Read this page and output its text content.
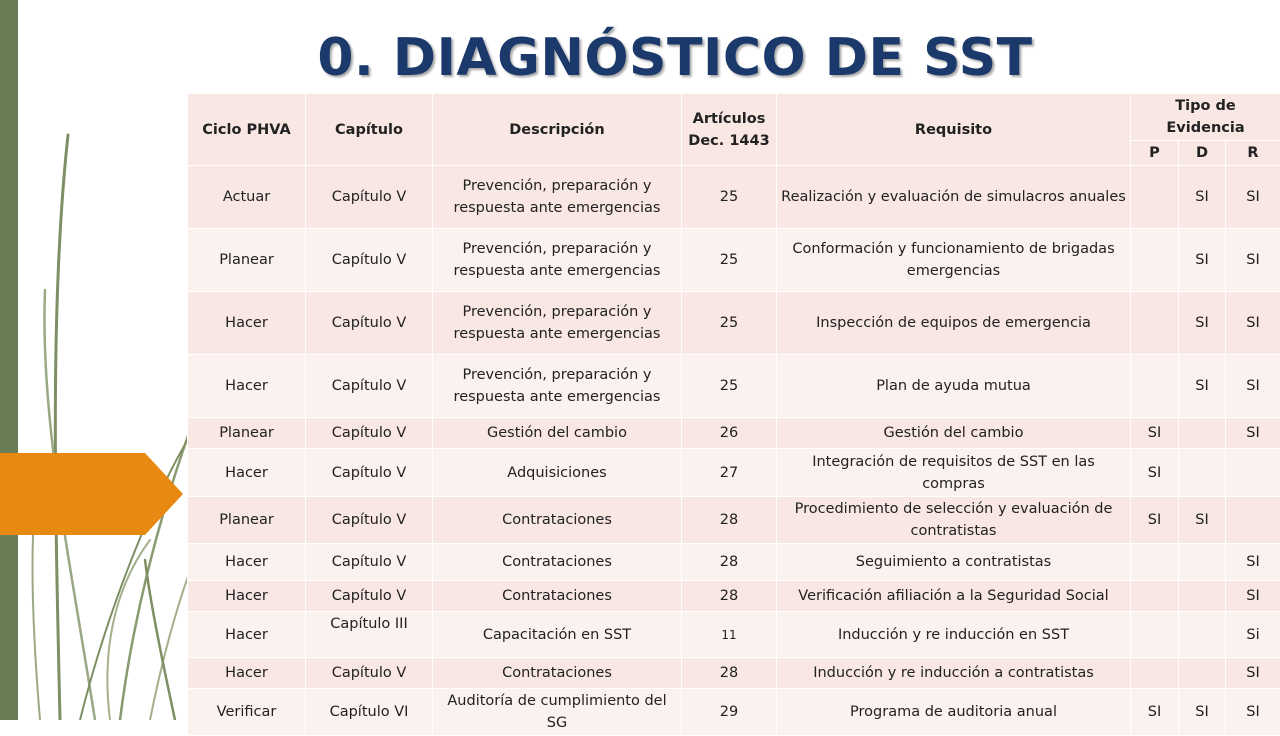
0. DIAGNÓSTICO DE SST
Ciclo PHVA	Capítulo	Descripción	Artículos Dec. 1443	Requisito	Tipo de Evidencia		
					P	D	R
Actuar	Capítulo V	Prevención, preparación y respuesta ante emergencias	25	Realización y evaluación de simulacros anuales		SI	SI
Planear	Capítulo V	Prevención, preparación y respuesta ante emergencias	25	Conformación y funcionamiento de brigadas emergencias		SI	SI
Hacer	Capítulo V	Prevención, preparación y respuesta ante emergencias	25	Inspección de equipos de emergencia		SI	SI
Hacer	Capítulo V	Prevención, preparación y respuesta ante emergencias	25	Plan de ayuda mutua		SI	SI
Planear	Capítulo V	Gestión del cambio	26	Gestión del cambio	SI		SI
Hacer	Capítulo V	Adquisiciones	27	Integración de requisitos de SST en las compras	SI		
Planear	Capítulo V	Contrataciones	28	Procedimiento de selección y evaluación de contratistas	SI	SI	
Hacer	Capítulo V	Contrataciones	28	Seguimiento a contratistas			SI
Hacer	Capítulo V	Contrataciones	28	Verificación afiliación a la Seguridad Social			SI
Hacer	Capítulo III	Capacitación en SST	11	Inducción y re inducción en SST			Si
Hacer	Capítulo V	Contrataciones	28	Inducción y re inducción a contratistas			SI
Verificar	Capítulo VI	Auditoría de cumplimiento del SG	29	Programa de auditoria anual	SI	SI	SI
